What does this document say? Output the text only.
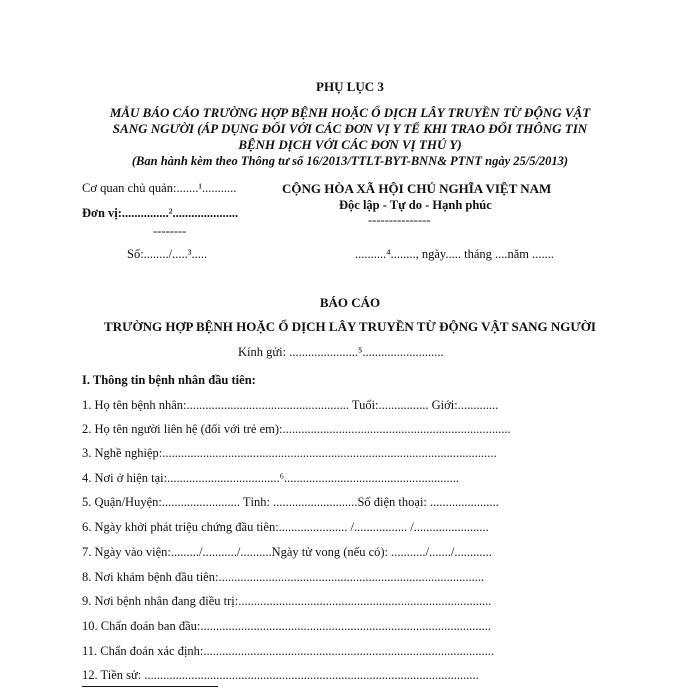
PHỤ LỤC 3
MẪU BÁO CÁO TRƯỜNG HỢP BỆNH HOẶC Ổ DỊCH LÂY TRUYỀN TỪ ĐỘNG VẬT
SANG NGƯỜI (ÁP DỤNG ĐỐI VỚI CÁC ĐƠN VỊ Y TẾ KHI TRAO ĐỔI THÔNG TIN
BỆNH DỊCH VỚI CÁC ĐƠN VỊ THÚ Y)
(Ban hành kèm theo Thông tư số 16/2013/TTLT-BYT-BNN& PTNT ngày 25/5/2013)
Cơ quan chủ quản:.......¹...........
Đơn vị:...............².....................
--------
Số:......../.....³.....
CỘNG HÒA XÃ HỘI CHỦ NGHĨA VIỆT NAM
Độc lập - Tự do - Hạnh phúc
---------------
..........⁴........, ngày..... tháng ....năm .......
BÁO CÁO
TRƯỜNG HỢP BỆNH HOẶC Ổ DỊCH LÂY TRUYỀN TỪ ĐỘNG VẬT SANG NGƯỜI
Kính gửi: ......................⁵..........................
I. Thông tin bệnh nhân đầu tiên:
1. Họ tên bệnh nhân:.................................................... Tuổi:................ Giới:.............
2. Họ tên người liên hệ (đối với trẻ em):.........................................................................
3. Nghề nghiệp:...........................................................................................................
4. Nơi ở hiện tại:....................................⁶........................................................
5. Quận/Huyện:......................... Tỉnh: ...........................Số điện thoại: ......................
6. Ngày khởi phát triệu chứng đầu tiên:...................... /................. /........................
7. Ngày vào viện:........./.........../..........Ngày tử vong (nếu có): .........../......./............
8. Nơi khám bệnh đầu tiên:.....................................................................................
9. Nơi bệnh nhân đang điều trị:.................................................................................
10. Chẩn đoán ban đầu:.............................................................................................
11. Chẩn đoán xác định:.............................................................................................
12. Tiền sử: ...........................................................................................................
